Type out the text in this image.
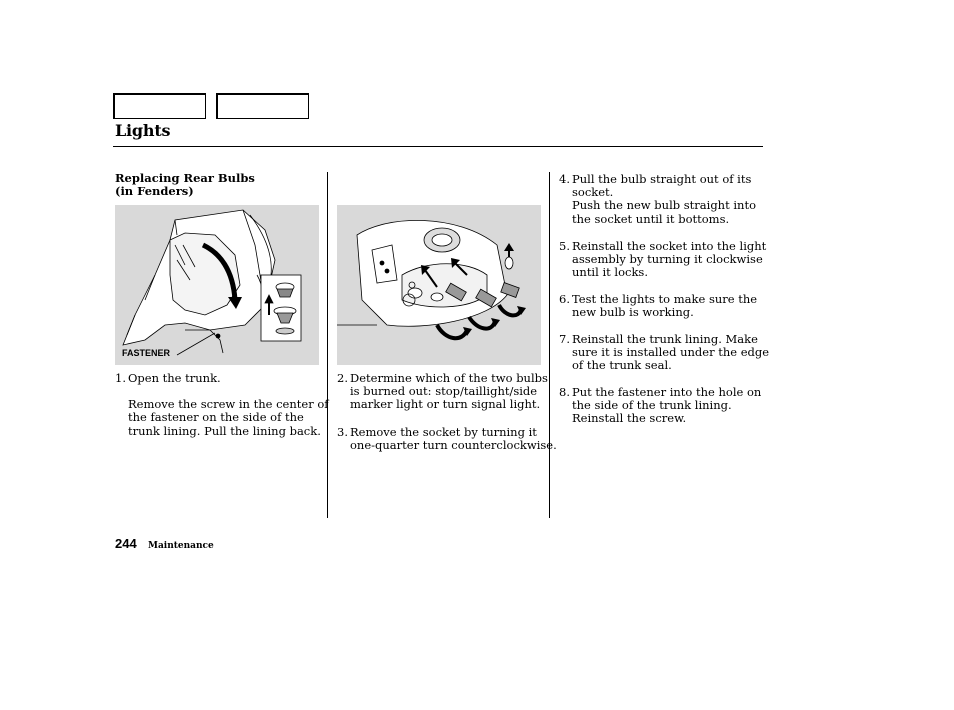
Lights
Replacing Rear Bulbs
(in Fenders)
FASTENER
1. Open the trunk.
Remove the screw in the center of
the fastener on the side of the
trunk lining. Pull the lining back.
2. Determine which of the two bulbs
is burned out: stop/taillight/side
marker light or turn signal light.
3. Remove the socket by turning it
one-quarter turn counterclockwise.
4. Pull the bulb straight out of its
socket.
Push the new bulb straight into
the socket until it bottoms.
5. Reinstall the socket into the light
assembly by turning it clockwise
until it locks.
6. Test the lights to make sure the
new bulb is working.
7. Reinstall the trunk lining. Make
sure it is installed under the edge
of the trunk seal.
8. Put the fastener into the hole on
the side of the trunk lining.
Reinstall the screw.
244 Maintenance
